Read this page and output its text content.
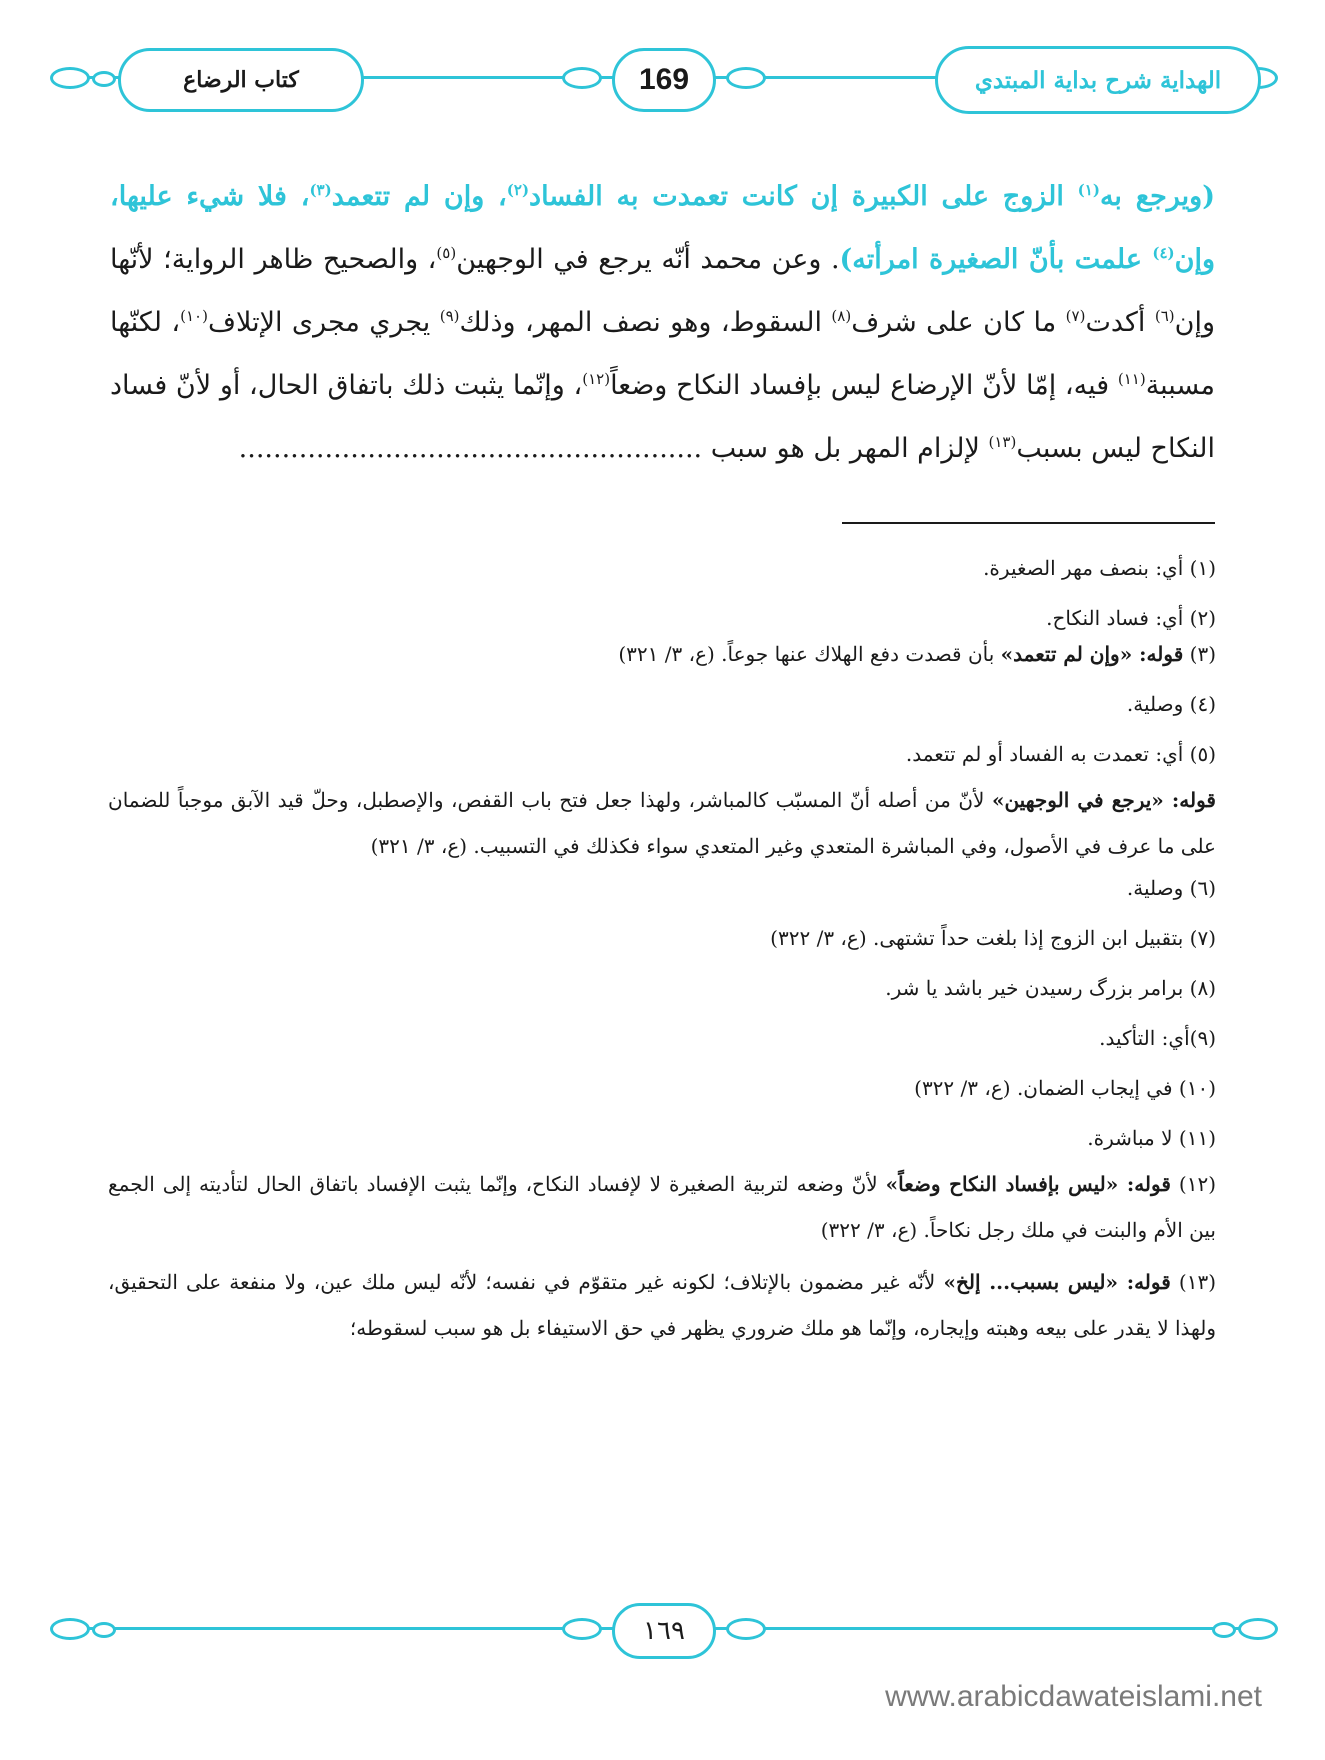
كتاب الرضاع	169	الهداية شرح بداية المبتدي
(ويرجع به$^{(١)}$ الزوج على الكبيرة إن كانت تعمدت به الفساد$^{(٢)}$، وإن لم تتعمد$^{(٣)}$، فلا شيء عليها، وإن$^{(٤)}$ علمت بأنّ الصغيرة امرأته). وعن محمد أنّه يرجع في الوجهين$^{(٥)}$، والصحيح ظاهر الرواية؛ لأنّها وإن$^{(٦)}$ أكدت$^{(٧)}$ ما كان على شرف$^{(٨)}$ السقوط، وهو نصف المهر، وذلك$^{(٩)}$ يجري مجرى الإتلاف$^{(١٠)}$، لكنّها مسببة$^{(١١)}$ فيه، إمّا لأنّ الإرضاع ليس بإفساد النكاح وضعاً$^{(١٢)}$، وإنّما يثبت ذلك باتفاق الحال، أو لأنّ فساد النكاح ليس بسبب$^{(١٣)}$ لإلزام المهر بل هو سبب ......................................................
(١) أي: بنصف مهر الصغيرة.
(٢) أي: فساد النكاح.
(٣) قوله: «وإن لم تتعمد» بأن قصدت دفع الهلاك عنها جوعاً. (ع، ٣/ ٣٢١)
(٤) وصلية.
(٥) أي: تعمدت به الفساد أو لم تتعمد.
قوله: «يرجع في الوجهين» لأنّ من أصله أنّ المسبّب كالمباشر، ولهذا جعل فتح باب القفص، والإصطبل، وحلّ قيد الآبق موجباً للضمان على ما عرف في الأصول، وفي المباشرة المتعدي وغير المتعدي سواء فكذلك في التسبيب. (ع، ٣/ ٣٢١)
(٦) وصلية.
(٧) بتقبيل ابن الزوج إذا بلغت حداً تشتهى. (ع، ٣/ ٣٢٢)
(٨) برامر بزرگ رسیدن خیر باشد یا شر.
(٩)أي: التأكيد.
(١٠) في إيجاب الضمان. (ع، ٣/ ٣٢٢)
(١١) لا مباشرة.
(١٢) قوله: «ليس بإفساد النكاح وضعاً» لأنّ وضعه لتربية الصغيرة لا لإفساد النكاح، وإنّما يثبت الإفساد باتفاق الحال لتأديته إلى الجمع بين الأم والبنت في ملك رجل نكاحاً. (ع، ٣/ ٣٢٢)
(١٣) قوله: «ليس بسبب... إلخ» لأنّه غير مضمون بالإتلاف؛ لكونه غير متقوّم في نفسه؛ لأنّه ليس ملك عين، ولا منفعة على التحقيق، ولهذا لا يقدر على بيعه وهبته وإيجاره، وإنّما هو ملك ضروري يظهر في حق الاستيفاء بل هو سبب لسقوطه؛
١٦٩
www.arabicdawateislami.net
